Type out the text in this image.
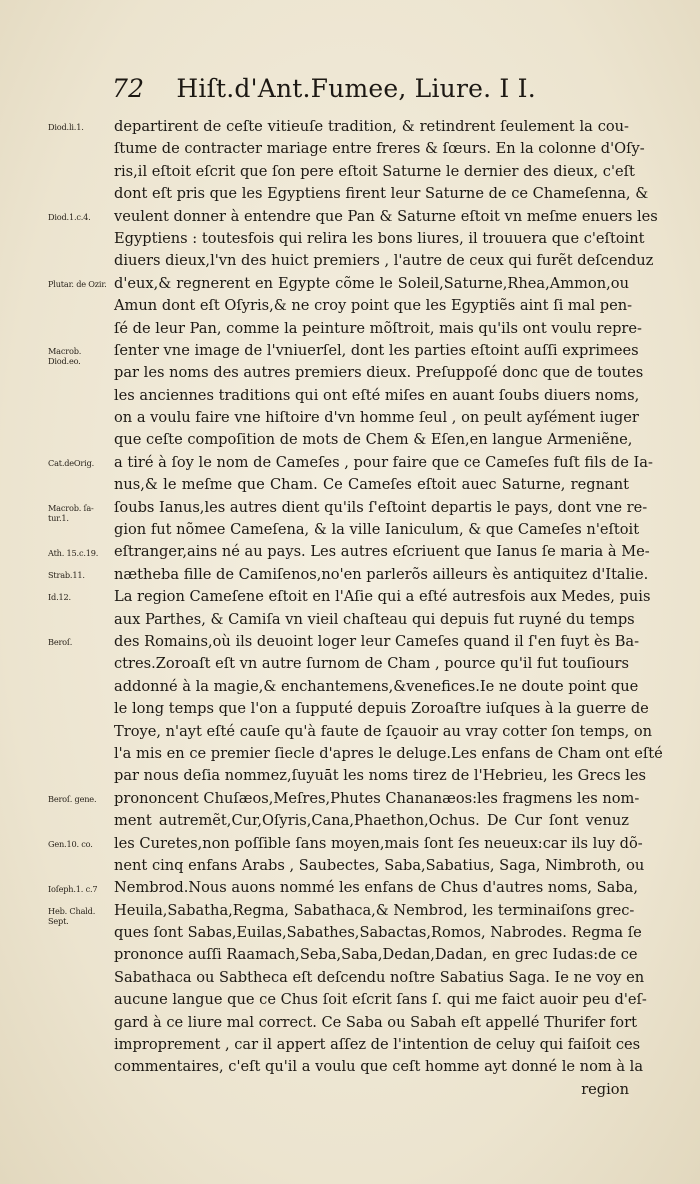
72 Hiſt.d'Ant.Fumee, Liure. I I.
departirent de ceſte vitieuſe tradition, & retindrent ſeulement la cou-
ſtume de contracter mariage entre freres & ſœurs. En la colonne d'Oſy-
ris,il eſtoit eſcrit que ſon pere eſtoit Saturne le dernier des dieux, c'eſt
dont eſt pris que les Egyptiens firent leur Saturne de ce Chameſenna, &
veulent donner à entendre que Pan & Saturne eſtoit vn meſme enuers les
Egyptiens : toutesfois qui relira les bons liures, il trouuera que c'eſtoint
diuers dieux,l'vn des huict premiers , l'autre de ceux qui furẽt deſcenduz
d'eux,& regnerent en Egypte cõme le Soleil,Saturne,Rhea,Ammon,ou
Amun dont eſt Oſyris,& ne croy point que les Egyptiẽs aint ſi mal pen-
ſé de leur Pan, comme la peinture mõſtroit, mais qu'ils ont voulu repre-
ſenter vne image de l'vniuerſel, dont les parties eſtoint auſſi exprimees
par les noms des autres premiers dieux. Preſuppoſé donc que de toutes
les anciennes traditions qui ont eſté miſes en auant ſoubs diuers noms,
on a voulu faire vne hiſtoire d'vn homme ſeul , on peult ayſément iuger
que ceſte compoſition de mots de Chem & Eſen,en langue Armeniẽne,
a tiré à ſoy le nom de Cameſes , pour faire que ce Cameſes fuſt fils de Ia-
nus,& le meſme que Cham. Ce Cameſes eſtoit auec Saturne, regnant
ſoubs Ianus,les autres dient qu'ils ſ'eſtoint departis le pays, dont vne re-
gion fut nõmee Cameſena, & la ville Ianiculum, & que Cameſes n'eſtoit
eſtranger,ains né au pays. Les autres eſcriuent que Ianus ſe maria à Me-
nætheba fille de Camiſenos,no'en parlerõs ailleurs ès antiquitez d'Italie.
La region Cameſene eſtoit en l'Aſie qui a eſté autresfois aux Medes, puis
aux Parthes, & Camiſa vn vieil chaſteau qui depuis fut ruyné du temps
des Romains,où ils deuoint loger leur Cameſes quand il ſ'en fuyt ès Ba-
ctres.Zoroaſt eſt vn autre ſurnom de Cham , pource qu'il fut touſiours
addonné à la magie,& enchantemens,&venefices.Ie ne doute point que
le long temps que l'on a ſupputé depuis Zoroaſtre iuſques à la guerre de
Troye, n'ayt eſté cauſe qu'à faute de ſçauoir au vray cotter ſon temps, on
l'a mis en ce premier ſiecle d'apres le deluge.Les enfans de Cham ont eſté
par nous deſia nommez,ſuyuāt les noms tirez de l'Hebrieu, les Grecs les
prononcent Chuſæos,Meſres,Phutes Chananæos:les fragmens les nom-
ment autremẽt,Cur,Oſyris,Cana,Phaethon,Ochus. De Cur ſont venuz
les Curetes,non poſſible ſans moyen,mais ſont ſes neueux:car ils luy dõ-
nent cinq enfans Arabs , Saubectes, Saba,Sabatius, Saga, Nimbroth, ou
Nembrod.Nous auons nommé les enfans de Chus d'autres noms, Saba,
Heuila,Sabatha,Regma, Sabathaca,& Nembrod, les terminaiſons grec-
ques ſont Sabas,Euilas,Sabathes,Sabactas,Romos, Nabrodes. Regma ſe
prononce auſſi Raamach,Seba,Saba,Dedan,Dadan, en grec Iudas:de ce
Sabathaca ou Sabtheca eſt deſcendu noſtre Sabatius Saga. Ie ne voy en
aucune langue que ce Chus ſoit eſcrit ſans ſ. qui me faict auoir peu d'eſ-
gard à ce liure mal correct. Ce Saba ou Sabah eſt appellé Thurifer fort
improprement , car il appert aſſez de l'intention de celuy qui faiſoit ces
commentaires, c'eſt qu'il a voulu que ceſt homme ayt donné le nom à la
region
Diod.li.1.
Diod.1.c.4.
Plutar. de Ozir.
Macrob. Diod.eo.
Cat.deOrig.
Macrob. ſa-tur.1.
Ath. 15.c.19.
Strab.11.
Id.12.
Beroſ.
Beroſ. gene.
Gen.10. co.
Ioſeph.1. c.7
Heb. Chald. Sept.
